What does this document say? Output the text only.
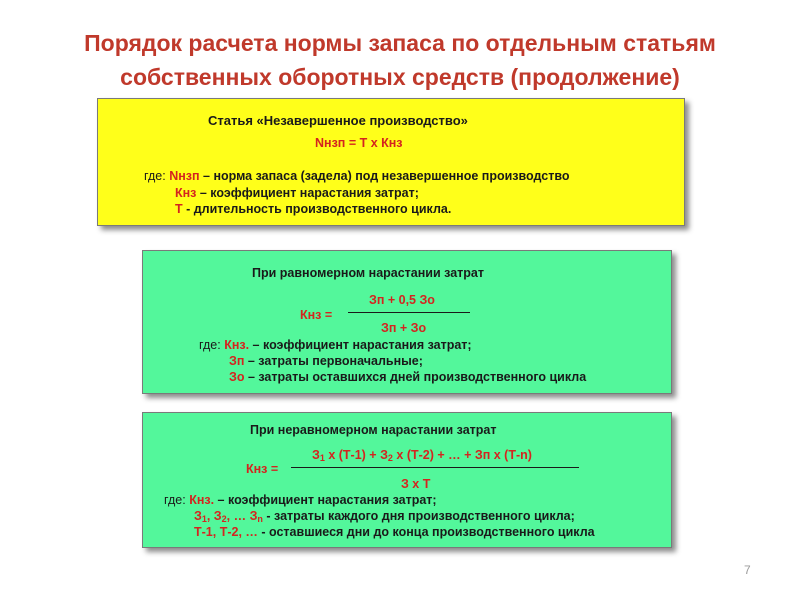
Порядок расчета нормы запаса по отдельным статьям
собственных оборотных средств (продолжение)
Статья «Незавершенное производство»
Nнзп = Т х Кнз
где: Nнзп – норма запаса (задела) под незавершенное производство
Кнз – коэффициент нарастания затрат;
Т - длительность производственного цикла.
При равномерном нарастании затрат
Кнз =
Зп + 0,5 Зо
Зп + Зо
где: Кнз. – коэффициент нарастания затрат;
Зп – затраты первоначальные;
Зо – затраты оставшихся дней производственного цикла
При неравномерном нарастании затрат
Кнз =
З1 х (Т-1) + З2 х (Т-2) + … + Зп х (Т-n)
З х Т
где: Кнз. – коэффициент нарастания затрат;
З1, З2, … Зn - затраты каждого дня производственного цикла;
Т-1, Т-2, … - оставшиеся дни до конца производственного цикла
7
